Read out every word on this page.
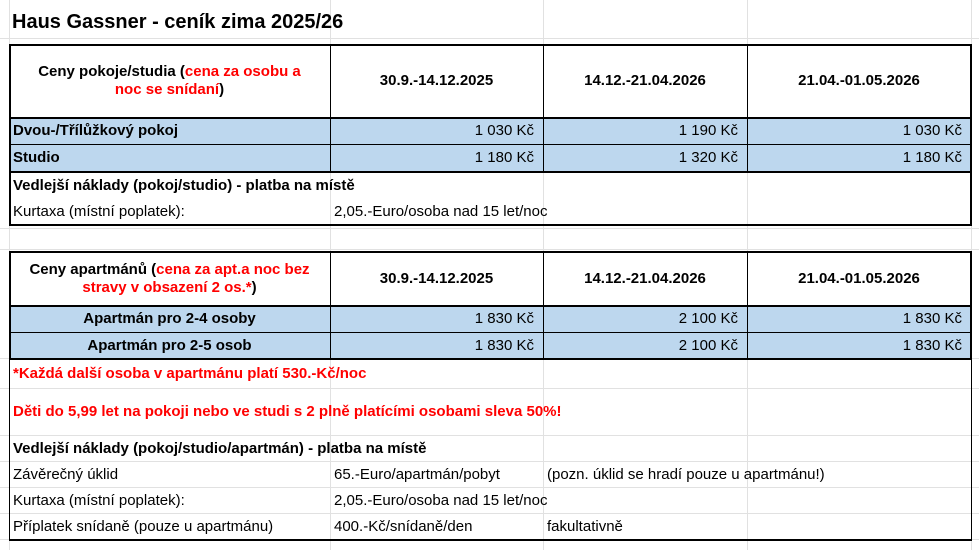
Haus Gassner - ceník zima 2025/26
Ceny pokoje/studia (cena za osobu a
noc se snídaní)
30.9.-14.12.2025	14.12.-21.04.2026	21.04.-01.05.2026
Dvou-/Třílůžkový pokoj	1 030 Kč	1 190 Kč	1 030 Kč
Studio	1 180 Kč	1 320 Kč	1 180 Kč
Vedlejší náklady (pokoj/studio) - platba na místě
Kurtaxa (místní poplatek):	2,05.-Euro/osoba nad 15 let/noc
Ceny apartmánů (cena za apt.a noc bez
stravy v obsazení 2 os.*)
30.9.-14.12.2025	14.12.-21.04.2026	21.04.-01.05.2026
Apartmán pro 2-4 osoby	1 830 Kč	2 100 Kč	1 830 Kč
Apartmán pro 2-5 osob	1 830 Kč	2 100 Kč	1 830 Kč
*Každá další osoba v apartmánu platí 530.-Kč/noc
Děti do 5,99 let na pokoji nebo ve studi s 2 plně platícími osobami sleva 50%!
Vedlejší náklady (pokoj/studio/apartmán) - platba na místě
Závěrečný úklid	65.-Euro/apartmán/pobyt	(pozn. úklid se hradí pouze u apartmánu!)
Kurtaxa (místní poplatek):	2,05.-Euro/osoba nad 15 let/noc
Příplatek snídaně (pouze u apartmánu)	400.-Kč/snídaně/den	fakultativně
